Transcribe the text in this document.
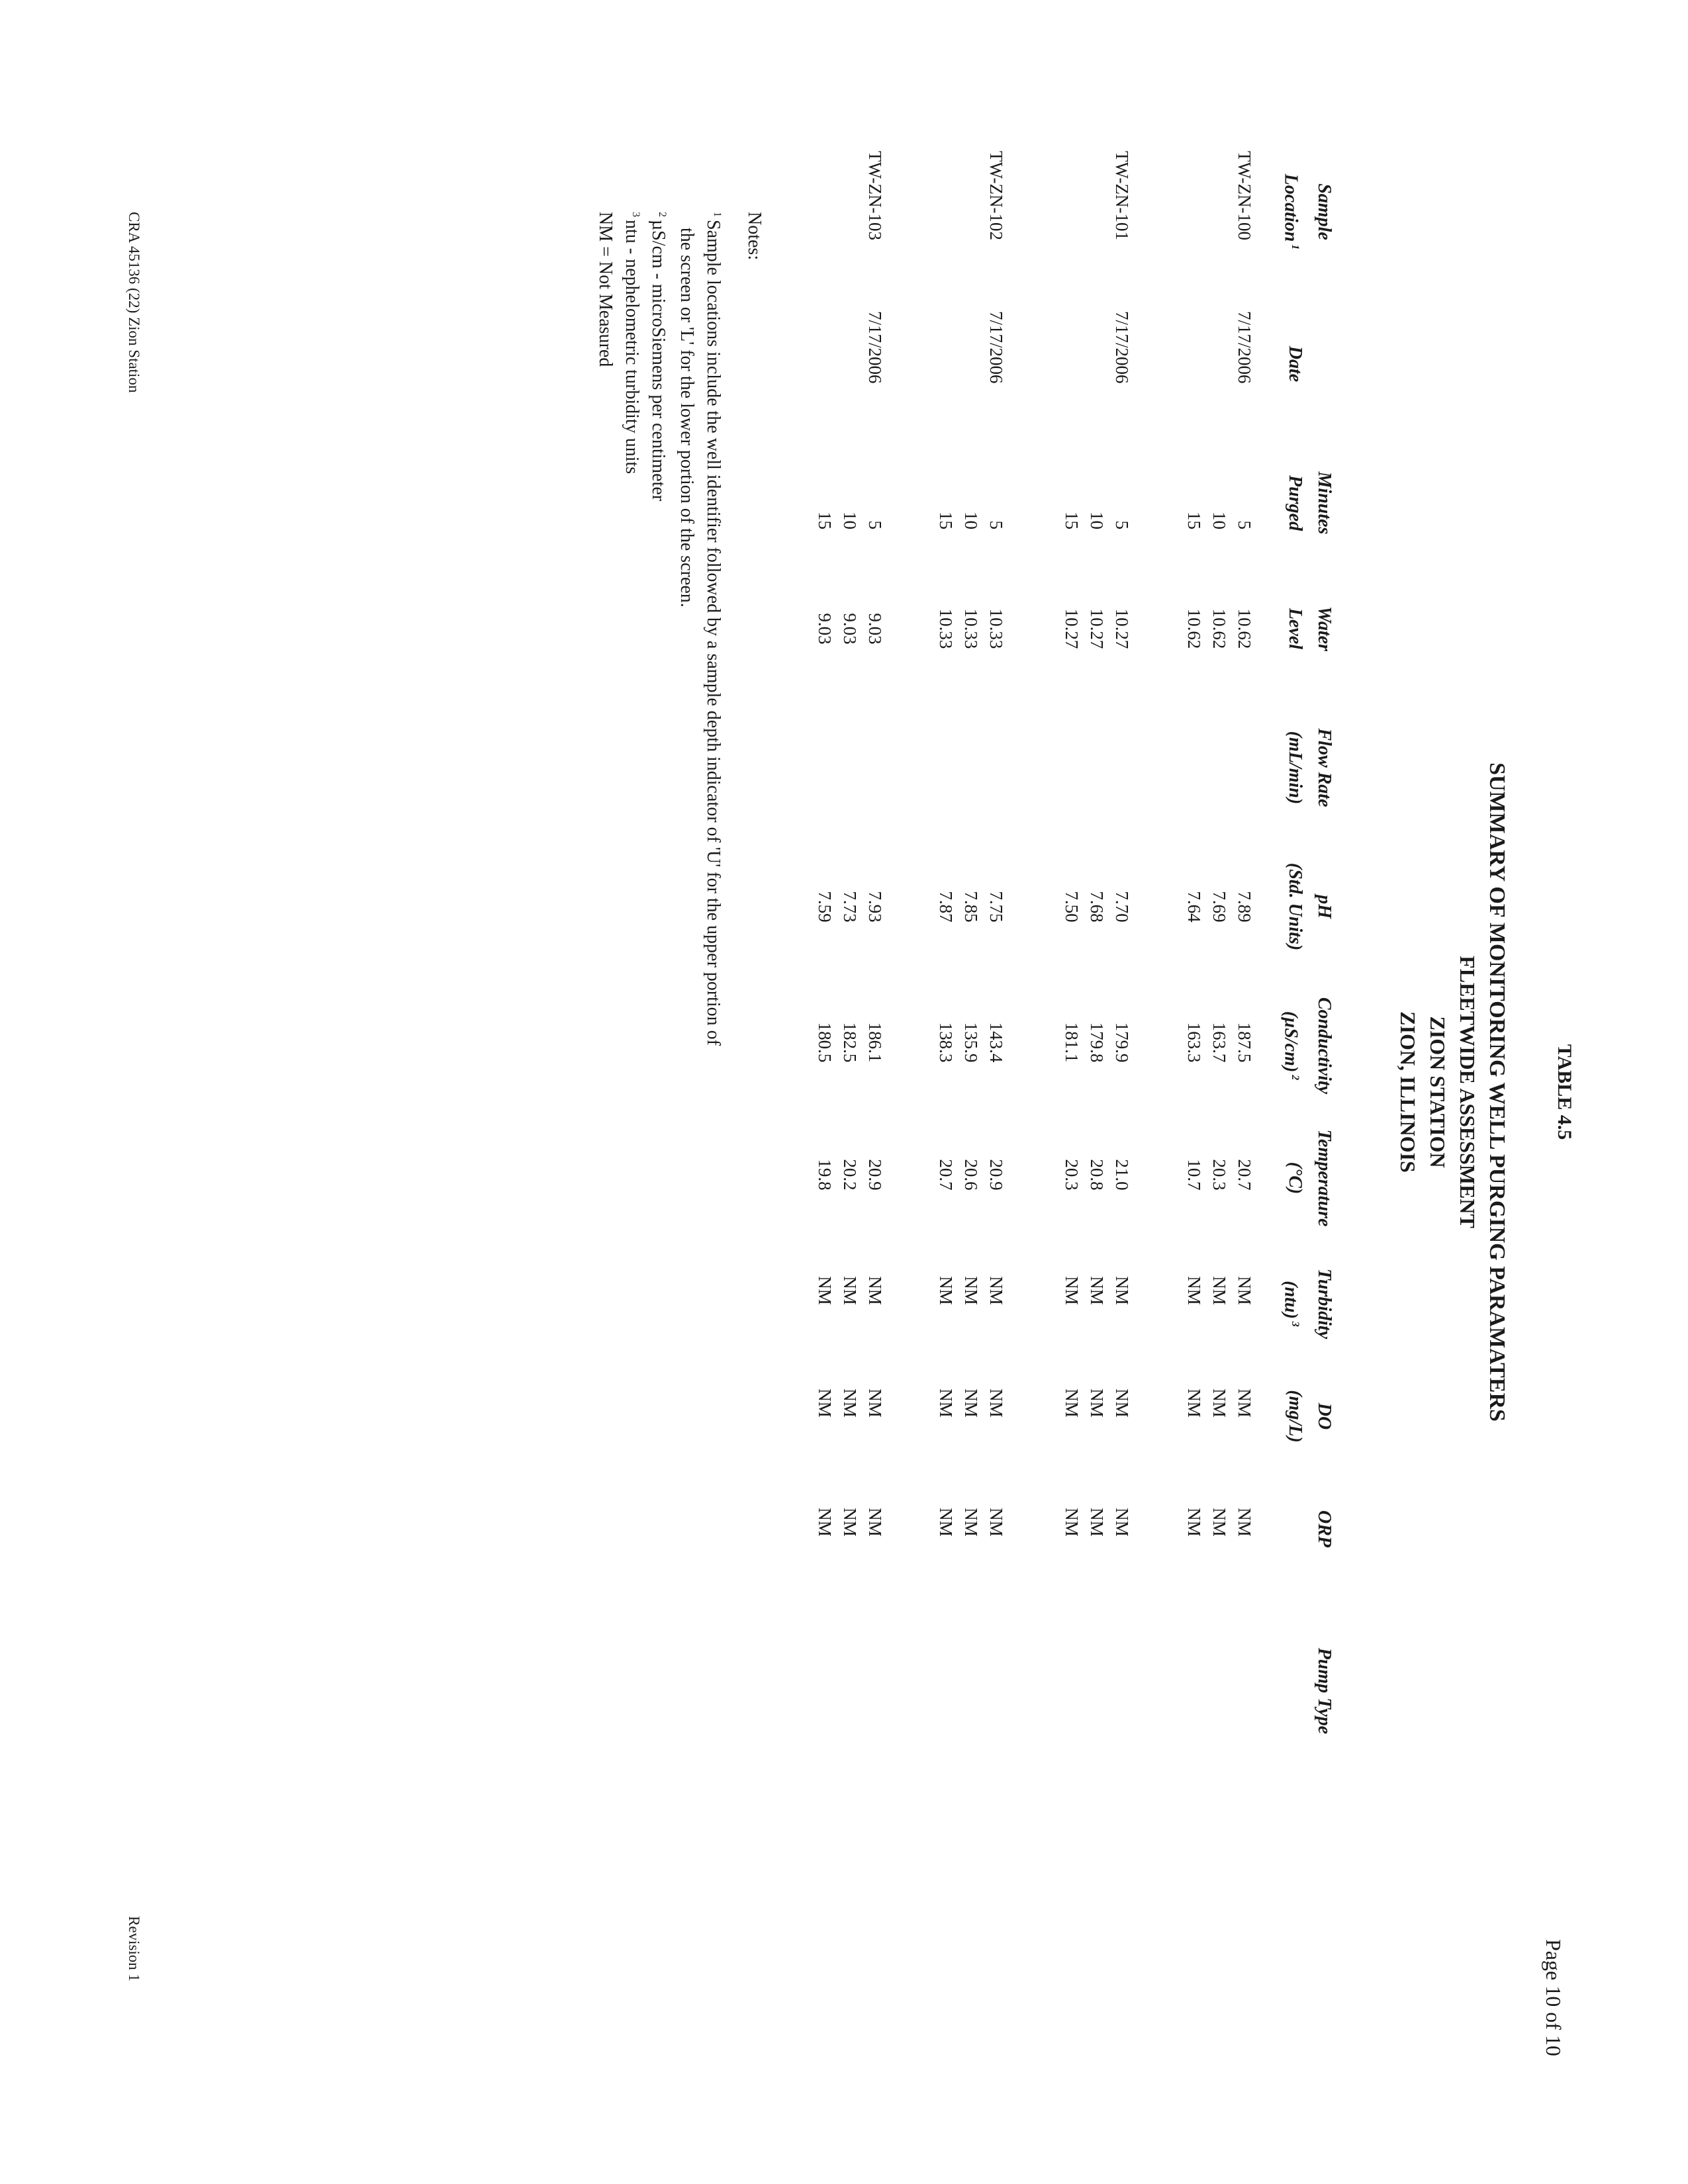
TABLE 4.5
SUMMARY OF MONITORING WELL PURGING PARAMATERS
FLEETWIDE ASSESSMENT
ZION STATION
ZION, ILLINOIS
Page 10 of 10
Sample
Location$^1$

Date
Minutes
Purged
Water
Level
Flow Rate
(mL/min)
pH
(Std. Units)
Conductivity
$(\mu S/cm)^2$
Temperature
(°C)
Turbidity
(ntu)$^3$
DO
(mg/L)
ORP

Pump Type

TW-ZN-100
7/17/2006
5
10.62
7.89
187.5
20.7
NM
NM
NM
10
10.62
7.69
163.7
20.3
NM
NM
NM
15
10.62
7.64
163.3
10.7
NM
NM
NM
TW-ZN-101
7/17/2006
5
10.27
7.70
179.9
21.0
NM
NM
NM
10
10.27
7.68
179.8
20.8
NM
NM
NM
15
10.27
7.50
181.1
20.3
NM
NM
NM
TW-ZN-102
7/17/2006
5
10.33
7.75
143.4
20.9
NM
NM
NM
10
10.33
7.85
135.9
20.6
NM
NM
NM
15
10.33
7.87
138.3
20.7
NM
NM
NM
TW-ZN-103
7/17/2006
5
9.03
7.93
186.1
20.9
NM
NM
NM
10
9.03
7.73
182.5
20.2
NM
NM
NM
15
9.03
7.59
180.5
19.8
NM
NM
NM
Notes:
$^1$Sample locations include the well identifier followed by a sample depth indicator of 'U' for the upper portion of
the screen or 'L' for the lower portion of the screen.
$^2$µS/cm - microSiemens per centimeter
$^3$ntu - nephelometric turbidity units
NM = Not Measured
CRA 45136 (22) Zion Station
Revision 1
